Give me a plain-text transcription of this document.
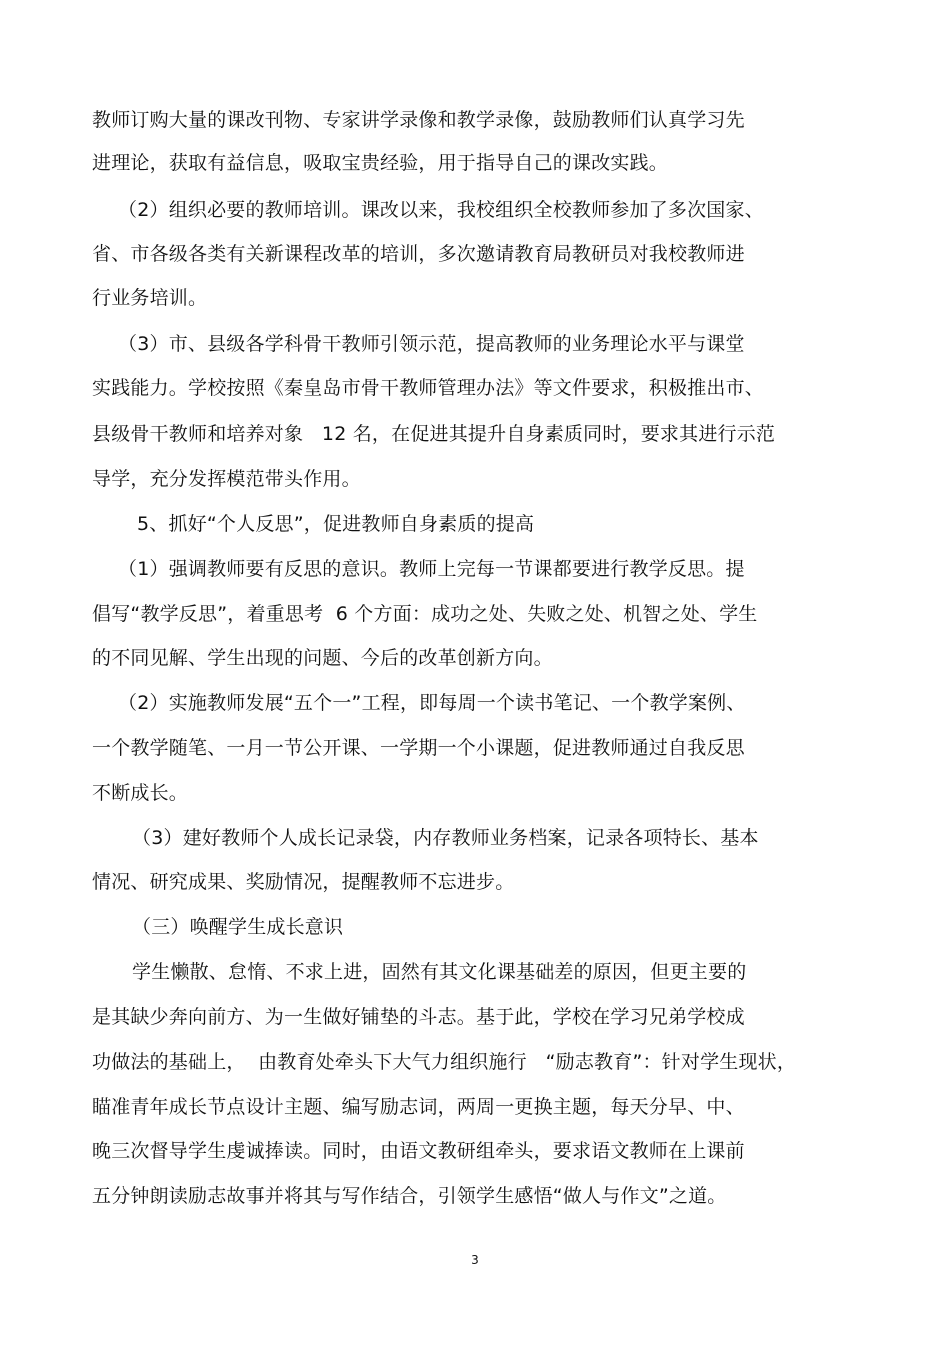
教师订购大量的课改刊物、专家讲学录像和教学录像，鼓励教师们认真学习先
进理论，获取有益信息，吸取宝贵经验，用于指导自己的课改实践。
（2）组织必要的教师培训。课改以来，我校组织全校教师参加了多次国家、
省、市各级各类有关新课程改革的培训，多次邀请教育局教研员对我校教师进
行业务培训。
（3）市、县级各学科骨干教师引领示范，提高教师的业务理论水平与课堂
实践能力。学校按照《秦皇岛市骨干教师管理办法》等文件要求，积极推出市、
县级骨干教师和培养对象   12 名，在促进其提升自身素质同时，要求其进行示范
导学，充分发挥模范带头作用。
5、抓好“个人反思”，促进教师自身素质的提高
（1）强调教师要有反思的意识。教师上完每一节课都要进行教学反思。提
倡写“教学反思”，着重思考  6 个方面：成功之处、失败之处、机智之处、学生
的不同见解、学生出现的问题、今后的改革创新方向。
（2）实施教师发展“五个一”工程，即每周一个读书笔记、一个教学案例、
一个教学随笔、一月一节公开课、一学期一个小课题，促进教师通过自我反思
不断成长。
（3）建好教师个人成长记录袋，内存教师业务档案，记录各项特长、基本
情况、研究成果、奖励情况，提醒教师不忘进步。
（三）唤醒学生成长意识
学生懒散、怠惰、不求上进，固然有其文化课基础差的原因，但更主要的
是其缺少奔向前方、为一生做好铺垫的斗志。基于此，学校在学习兄弟学校成
功做法的基础上，  由教育处牵头下大气力组织施行   “励志教育”：针对学生现状，
瞄准青年成长节点设计主题、编写励志词，两周一更换主题，每天分早、中、
晚三次督导学生虔诚捧读。同时，由语文教研组牵头，要求语文教师在上课前
五分钟朗读励志故事并将其与写作结合，引领学生感悟“做人与作文”之道。
3
